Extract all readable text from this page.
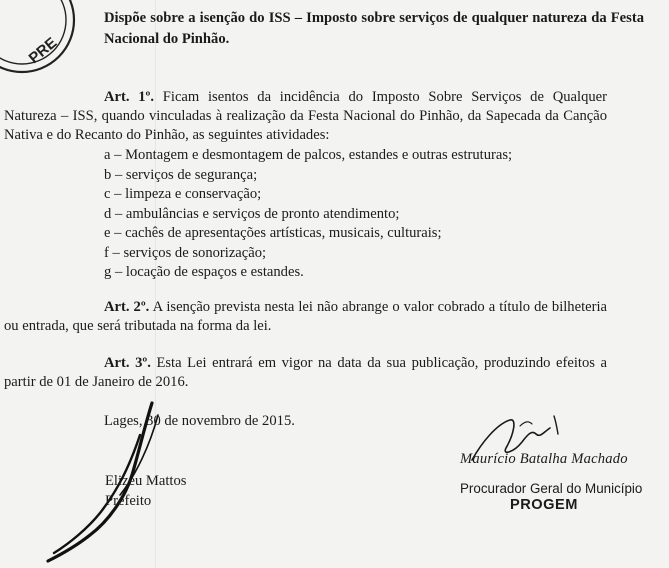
PRE
Dispõe sobre a isenção do ISS – Imposto sobre serviços de qualquer natureza da Festa Nacional do Pinhão.
Art. 1º. Ficam isentos da incidência do Imposto Sobre Serviços de Qualquer Natureza – ISS, quando vinculadas à realização da Festa Nacional do Pinhão, da Sapecada da Canção Nativa e do Recanto do Pinhão, as seguintes atividades:
a – Montagem e desmontagem de palcos, estandes e outras estruturas;
b – serviços de segurança;
c – limpeza e conservação;
d – ambulâncias e serviços de pronto atendimento;
e – cachês de apresentações artísticas, musicais, culturais;
f – serviços de sonorização;
g – locação de espaços e estandes.
Art. 2º. A isenção prevista nesta lei não abrange o valor cobrado a título de bilheteria ou entrada, que será tributada na forma da lei.
Art. 3º. Esta Lei entrará em vigor na data da sua publicação, produzindo efeitos a partir de 01 de Janeiro de 2016.
Lages, 30 de novembro de 2015.
Elizeu Mattos
Prefeito
Maurício Batalha Machado
Procurador Geral do Município
PROGEM
